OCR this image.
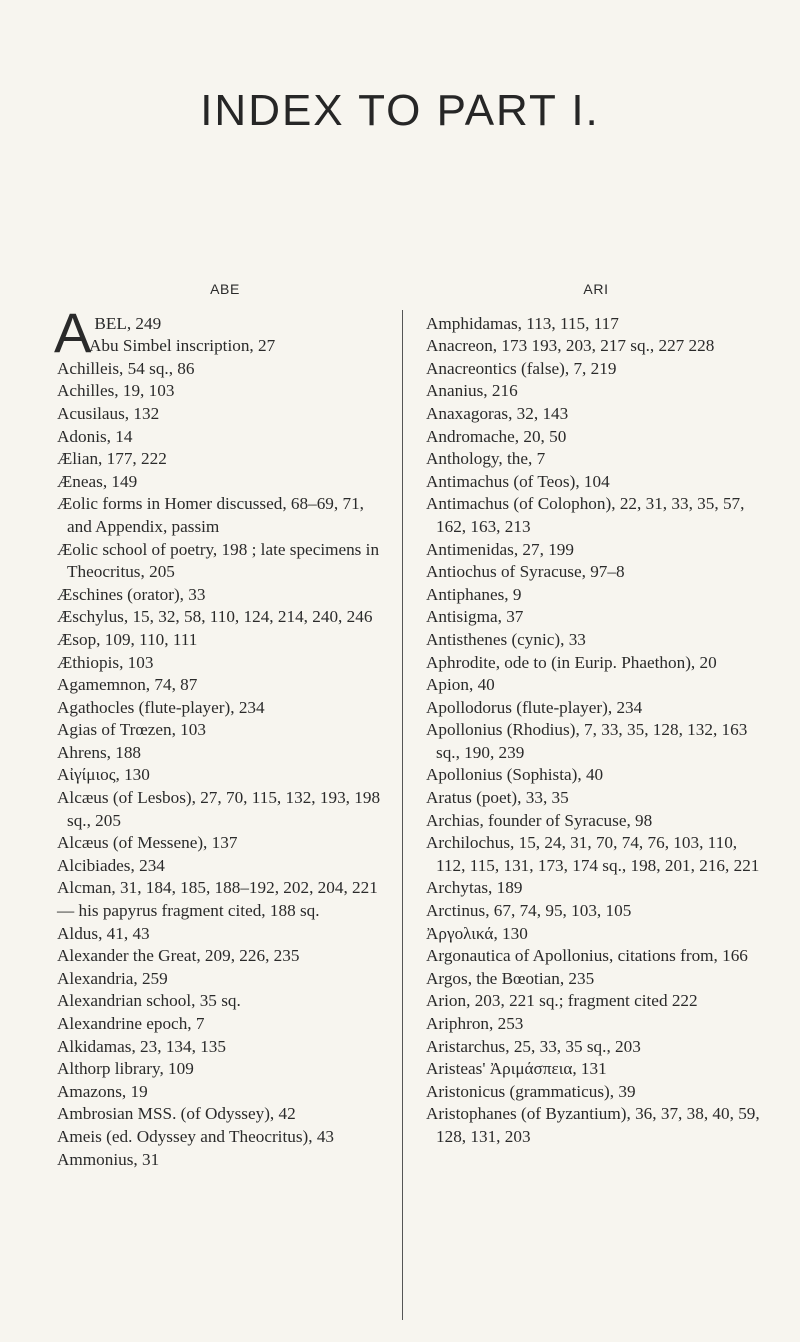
INDEX TO PART I.
ABE
A BEL, 249
Abu Simbel inscription, 27
Achilleis, 54 sq., 86
Achilles, 19, 103
Acusilaus, 132
Adonis, 14
Ælian, 177, 222
Æneas, 149
Æolic forms in Homer discussed, 68–69, 71, and Appendix, passim
Æolic school of poetry, 198 ; late specimens in Theocritus, 205
Æschines (orator), 33
Æschylus, 15, 32, 58, 110, 124, 214, 240, 246
Æsop, 109, 110, 111
Æthiopis, 103
Agamemnon, 74, 87
Agathocles (flute-player), 234
Agias of Trœzen, 103
Ahrens, 188
Αἰγίμιος, 130
Alcæus (of Lesbos), 27, 70, 115, 132, 193, 198 sq., 205
Alcæus (of Messene), 137
Alcibiades, 234
Alcman, 31, 184, 185, 188–192, 202, 204, 221
— his papyrus fragment cited, 188 sq.
Aldus, 41, 43
Alexander the Great, 209, 226, 235
Alexandria, 259
Alexandrian school, 35 sq.
Alexandrine epoch, 7
Alkidamas, 23, 134, 135
Althorp library, 109
Amazons, 19
Ambrosian MSS. (of Odyssey), 42
Ameis (ed. Odyssey and Theocritus), 43
Ammonius, 31
ARI
Amphidamas, 113, 115, 117
Anacreon, 173 193, 203, 217 sq., 227 228
Anacreontics (false), 7, 219
Ananius, 216
Anaxagoras, 32, 143
Andromache, 20, 50
Anthology, the, 7
Antimachus (of Teos), 104
Antimachus (of Colophon), 22, 31, 33, 35, 57, 162, 163, 213
Antimenidas, 27, 199
Antiochus of Syracuse, 97–8
Antiphanes, 9
Antisigma, 37
Antisthenes (cynic), 33
Aphrodite, ode to (in Eurip. Phaethon), 20
Apion, 40
Apollodorus (flute-player), 234
Apollonius (Rhodius), 7, 33, 35, 128, 132, 163 sq., 190, 239
Apollonius (Sophista), 40
Aratus (poet), 33, 35
Archias, founder of Syracuse, 98
Archilochus, 15, 24, 31, 70, 74, 76, 103, 110, 112, 115, 131, 173, 174 sq., 198, 201, 216, 221
Archytas, 189
Arctinus, 67, 74, 95, 103, 105
Ἀργολικά, 130
Argonautica of Apollonius, citations from, 166
Argos, the Bœotian, 235
Arion, 203, 221 sq.; fragment cited 222
Ariphron, 253
Aristarchus, 25, 33, 35 sq., 203
Aristeas' Ἀριμάσπεια, 131
Aristonicus (grammaticus), 39
Aristophanes (of Byzantium), 36, 37, 38, 40, 59, 128, 131, 203
